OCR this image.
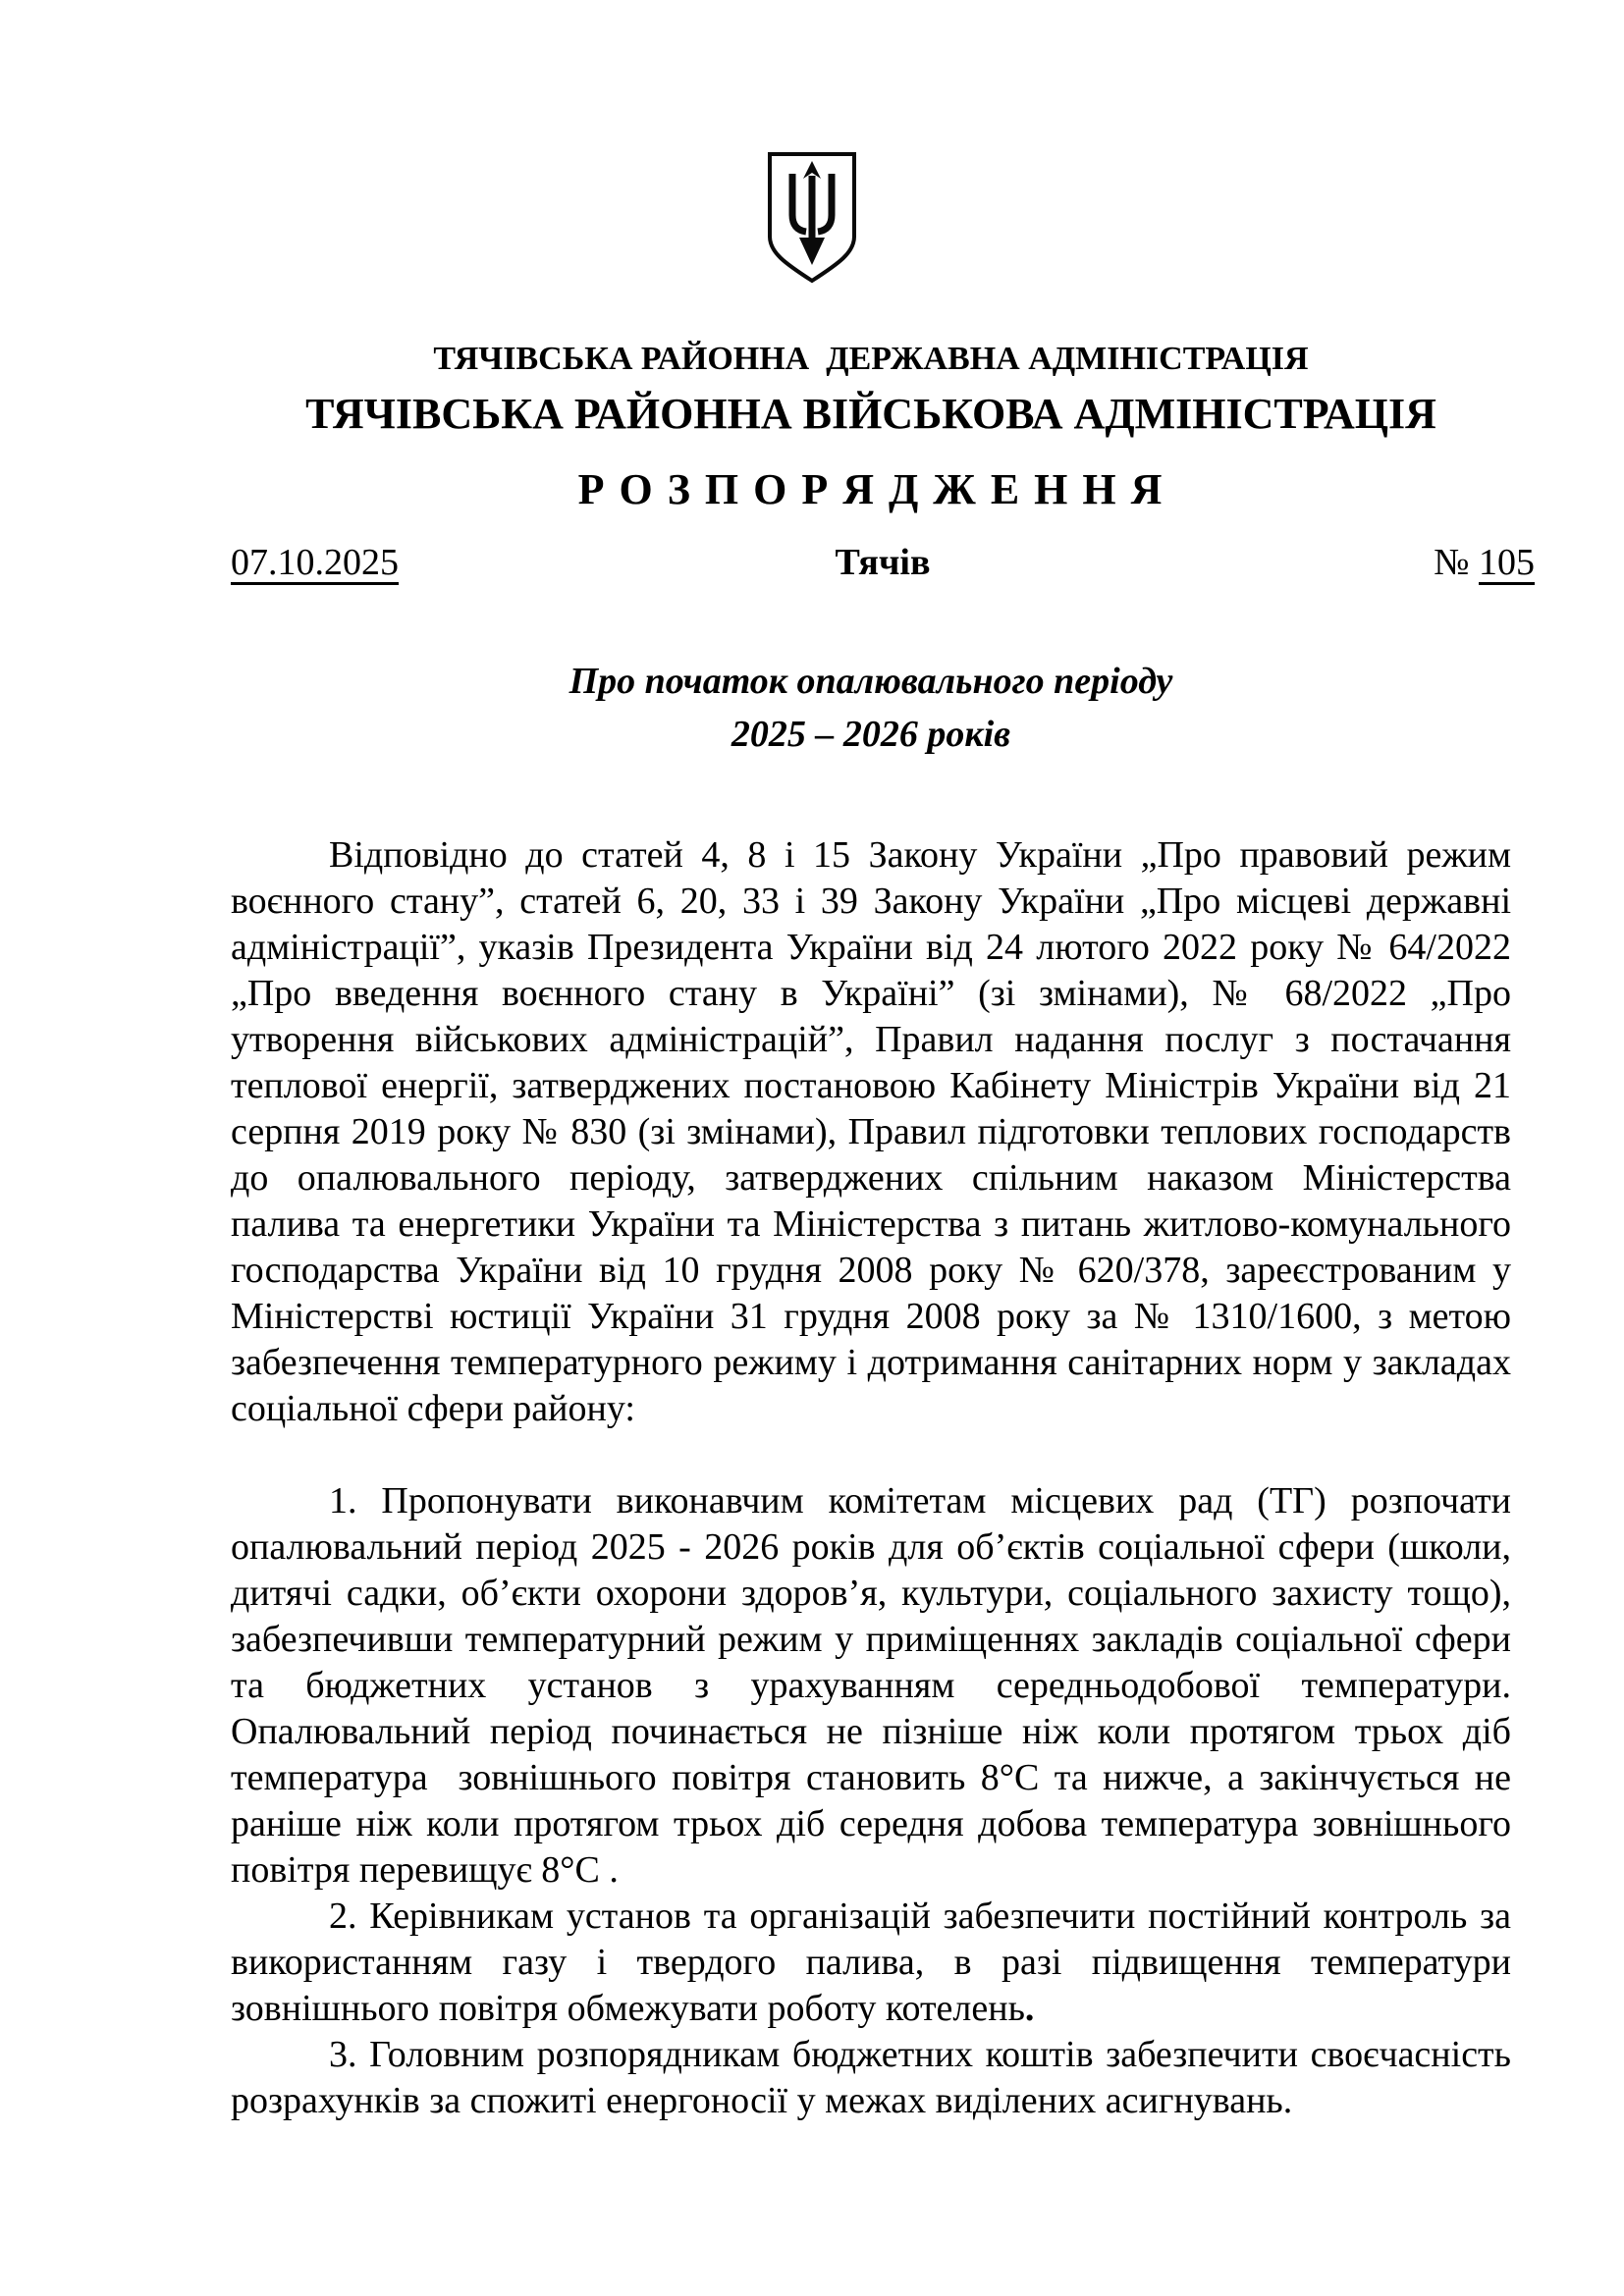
ТЯЧІВСЬКА РАЙОННА  ДЕРЖАВНА АДМІНІСТРАЦІЯ
ТЯЧІВСЬКА РАЙОННА ВІЙСЬКОВА АДМІНІСТРАЦІЯ
Р О З П О Р Я Д Ж Е Н Н Я
07.10.2025	Тячів	№ 105
Про початок опалювального періоду
2025 – 2026 років

Відповідно до статей 4, 8 і 15 Закону України „Про правовий режим воєнного стану”, статей 6, 20, 33 і 39 Закону України „Про місцеві державні адміністрації”, указів Президента України від 24 лютого 2022 року № 64/2022 „Про введення воєнного стану в Україні” (зі змінами), № 68/2022 „Про утворення військових адміністрацій”, Правил надання послуг з постачання теплової енергії, затверджених постановою Кабінету Міністрів України від 21 серпня 2019 року № 830 (зі змінами), Правил підготовки теплових господарств до опалювального періоду, затверджених спільним наказом Міністерства палива та енергетики України та Міністерства з питань житлово-комунального господарства України від 10 грудня 2008 року № 620/378, зареєстрованим у Міністерстві юстиції України 31 грудня 2008 року за № 1310/1600, з метою забезпечення температурного режиму і дотримання санітарних норм у закладах соціальної сфери району:

1. Пропонувати виконавчим комітетам місцевих рад (ТГ) розпочати опалювальний період 2025 - 2026 років для об’єктів соціальної сфери (школи, дитячі садки, об’єкти охорони здоров’я, культури, соціального захисту тощо), забезпечивши температурний режим у приміщеннях закладів соціальної сфери та бюджетних установ з урахуванням середньодобової температури. Опалювальний період починається не пізніше ніж коли протягом трьох діб температура  зовнішнього повітря становить 8°С та нижче, а закінчується не раніше ніж коли протягом трьох діб середня добова температура зовнішнього повітря перевищує 8°С .

2. Керівникам установ та організацій забезпечити постійний контроль за використанням газу і твердого палива, в разі підвищення температури зовнішнього повітря обмежувати роботу котелень.

3. Головним розпорядникам бюджетних коштів забезпечити своєчасність розрахунків за спожиті енергоносії у межах виділених асигнувань.
